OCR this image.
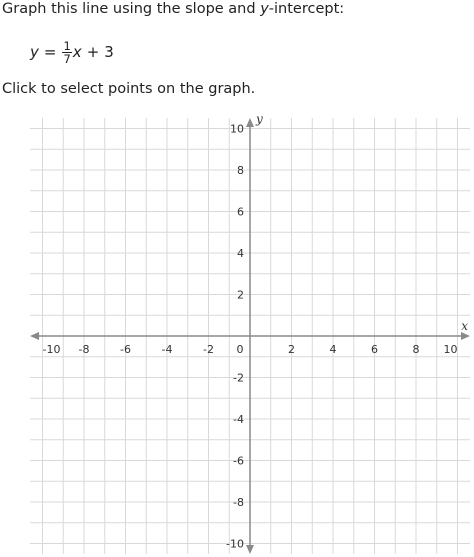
Graph this line using the slope and y-intercept:
$y = \frac{1}{7}$ x + 3
Click to select points on the graph.
x
y
-10 -8	-6	-4	-2 0	2	4	6	8 10
10
8
6
4
2
-2
-4
-6
-8
-10
